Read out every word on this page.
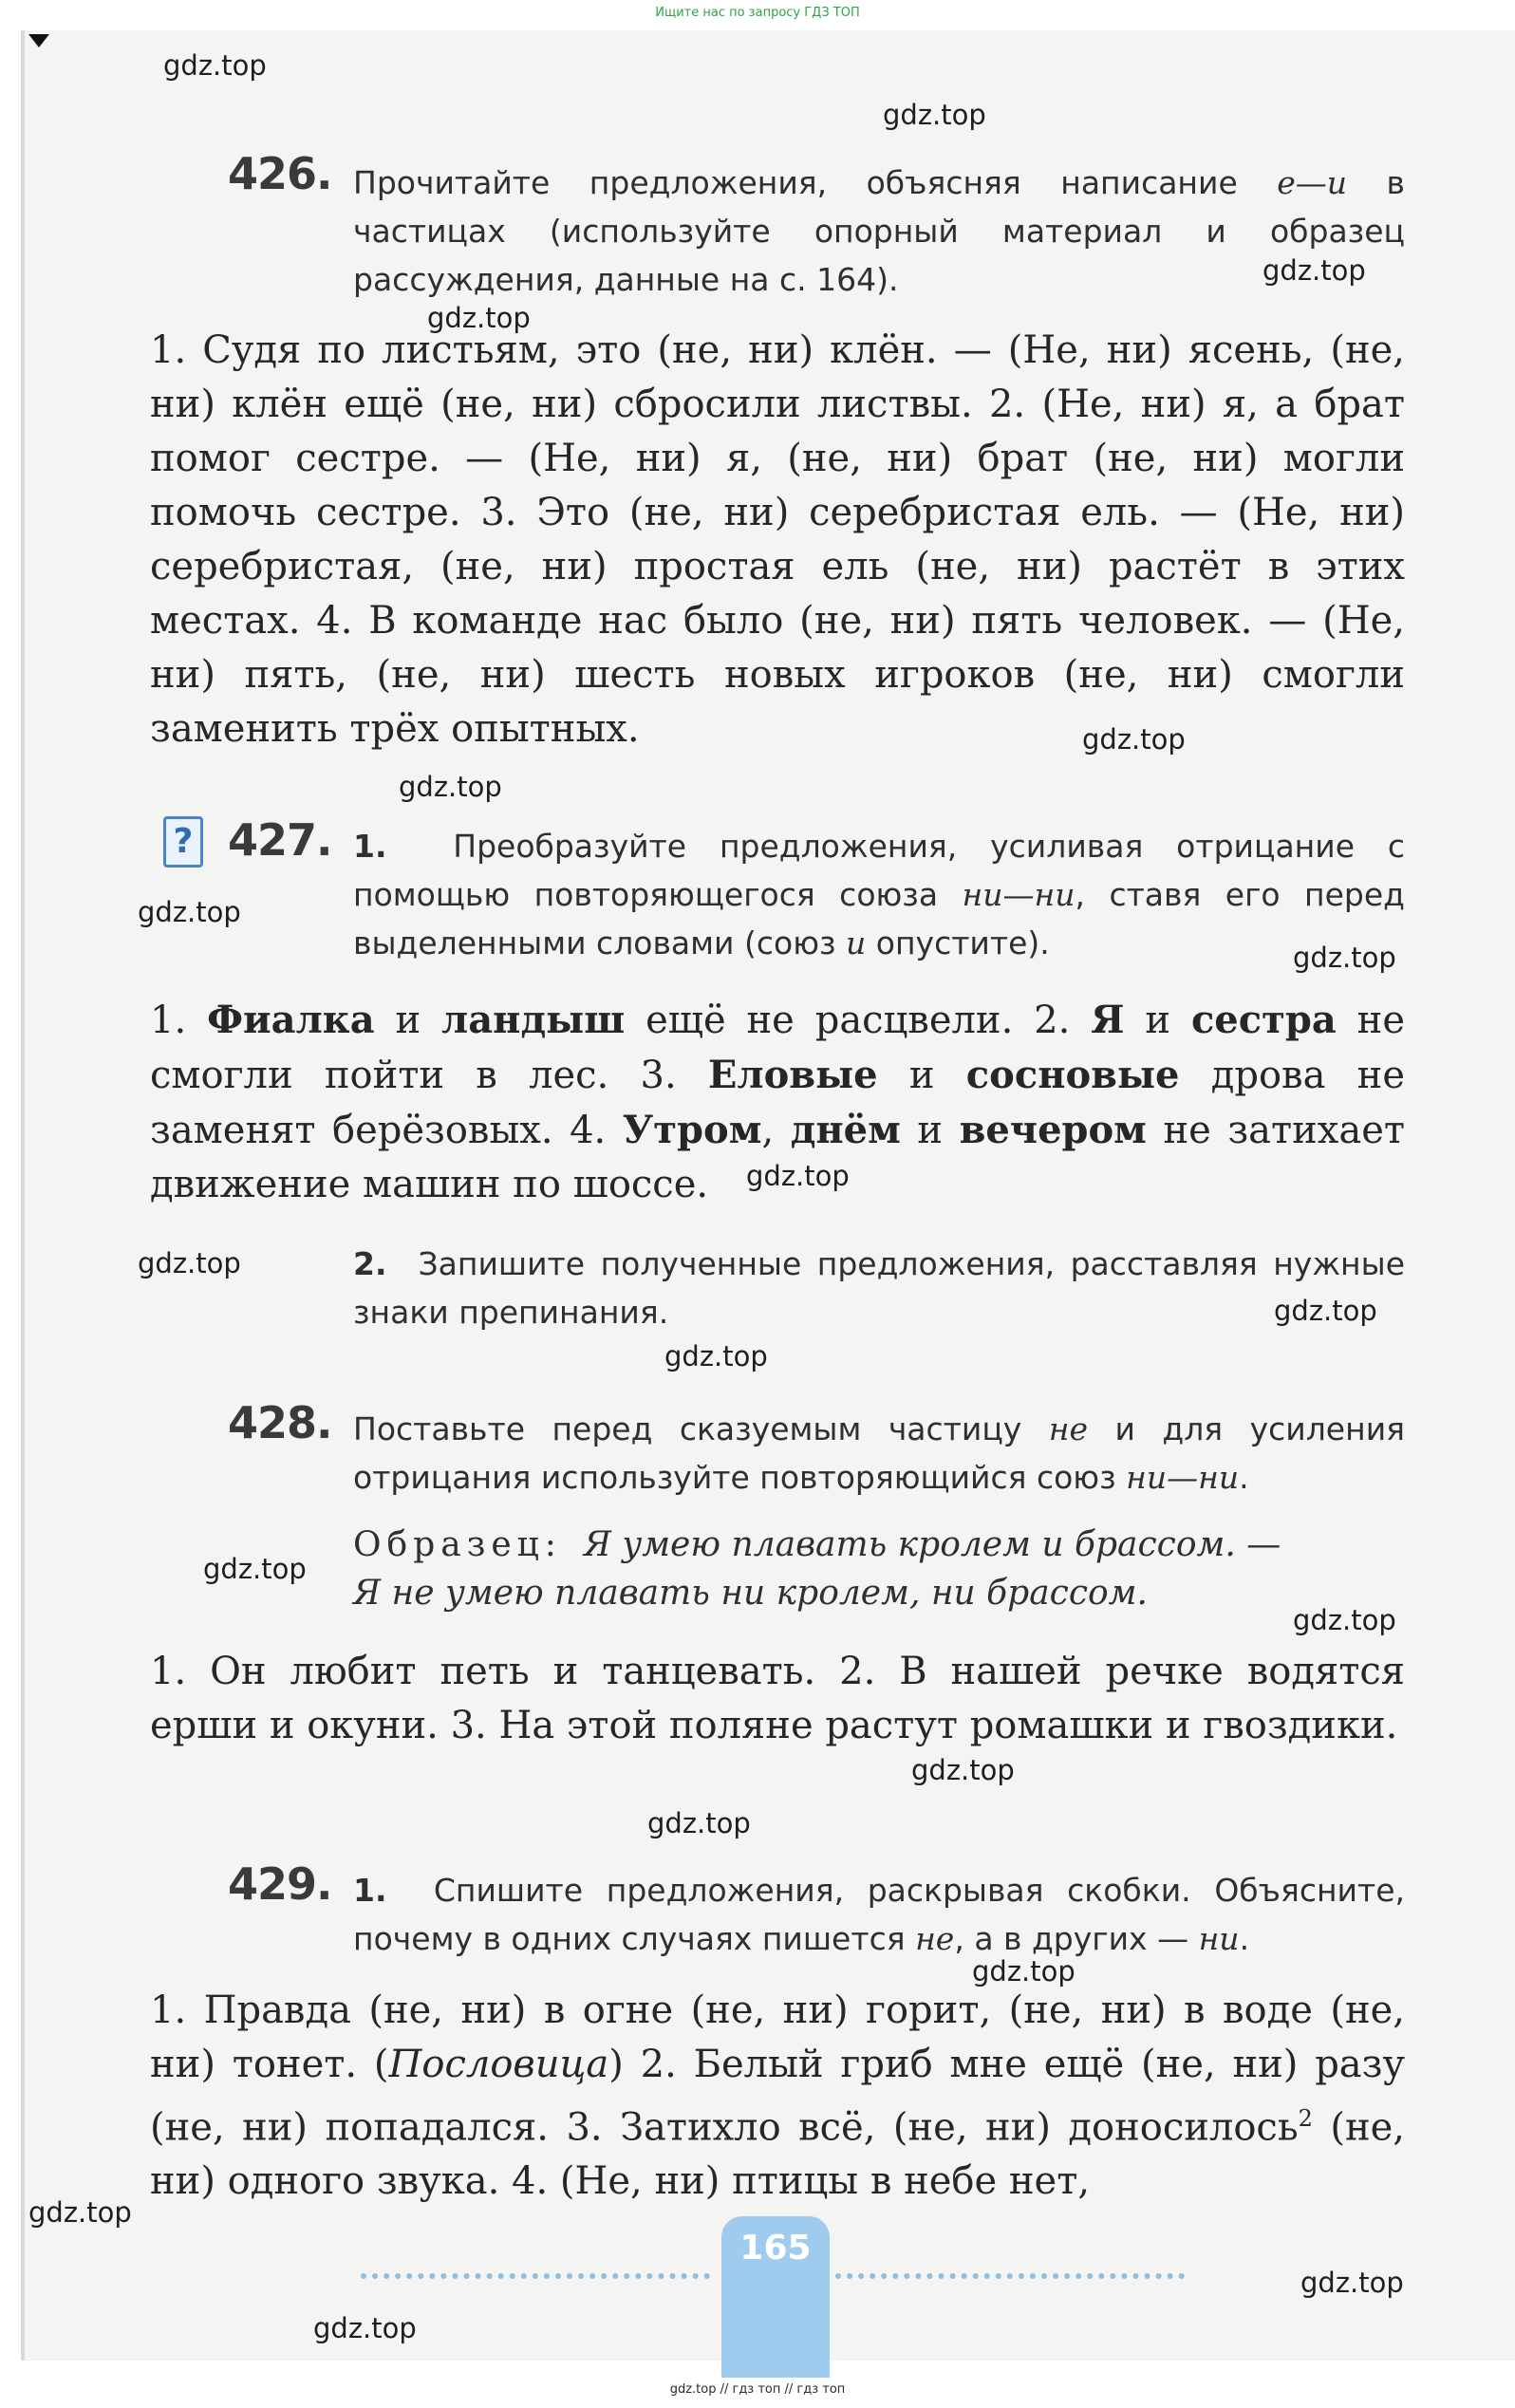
Ищите нас по запросу ГДЗ ТОП
426. Прочитайте предложения, объясняя написание е—и в частицах (используйте опорный материал и образец рассуждения, данные на с. 164).
1. Судя по листьям, это (не, ни) клён. — (Не, ни) ясень, (не, ни) клён ещё (не, ни) сбросили листвы. 2. (Не, ни) я, а брат помог сестре. — (Не, ни) я, (не, ни) брат (не, ни) могли помочь сестре. 3. Это (не, ни) серебристая ель. — (Не, ни) серебристая, (не, ни) простая ель (не, ни) растёт в этих местах. 4. В команде нас было (не, ни) пять человек. — (Не, ни) пять, (не, ни) шесть новых игроков (не, ни) смогли заменить трёх опытных.
? 427. 1. Преобразуйте предложения, усиливая отрицание с помощью повторяющегося союза ни—ни, ставя его перед выделенными словами (союз и опустите).
1. Фиалка и ландыш ещё не расцвели. 2. Я и сестра не смогли пойти в лес. 3. Еловые и сосновые дрова не заменят берёзовых. 4. Утром, днём и вечером не затихает движение машин по шоссе.
2. Запишите полученные предложения, расставляя нужные знаки препинания.
428. Поставьте перед сказуемым частицу не и для усиления отрицания используйте повторяющийся союз ни—ни.
Образец: Я умею плавать кролем и брассом. —
Я не умею плавать ни кролем, ни брассом.
1. Он любит петь и танцевать. 2. В нашей речке водятся ерши и окуни. 3. На этой поляне растут ромашки и гвоздики.
429. 1. Спишите предложения, раскрывая скобки. Объясните, почему в одних случаях пишется не, а в других — ни.
1. Правда (не, ни) в огне (не, ни) горит, (не, ни) в воде (не, ни) тонет. (Пословица) 2. Белый гриб мне ещё (не, ни) разу (не, ни) попадался. 3. Затихло всё, (не, ни) доносилось$^2$ (не, ни) одного звука. 4. (Не, ни) птицы в небе нет,
165
gdz.top
gdz.top
gdz.top
gdz.top
gdz.top
gdz.top
gdz.top
gdz.top
gdz.top
gdz.top
gdz.top
gdz.top
gdz.top
gdz.top
gdz.top
gdz.top
gdz.top
gdz.top
gdz.top
gdz.top
gdz.top // гдз топ // гдз топ
